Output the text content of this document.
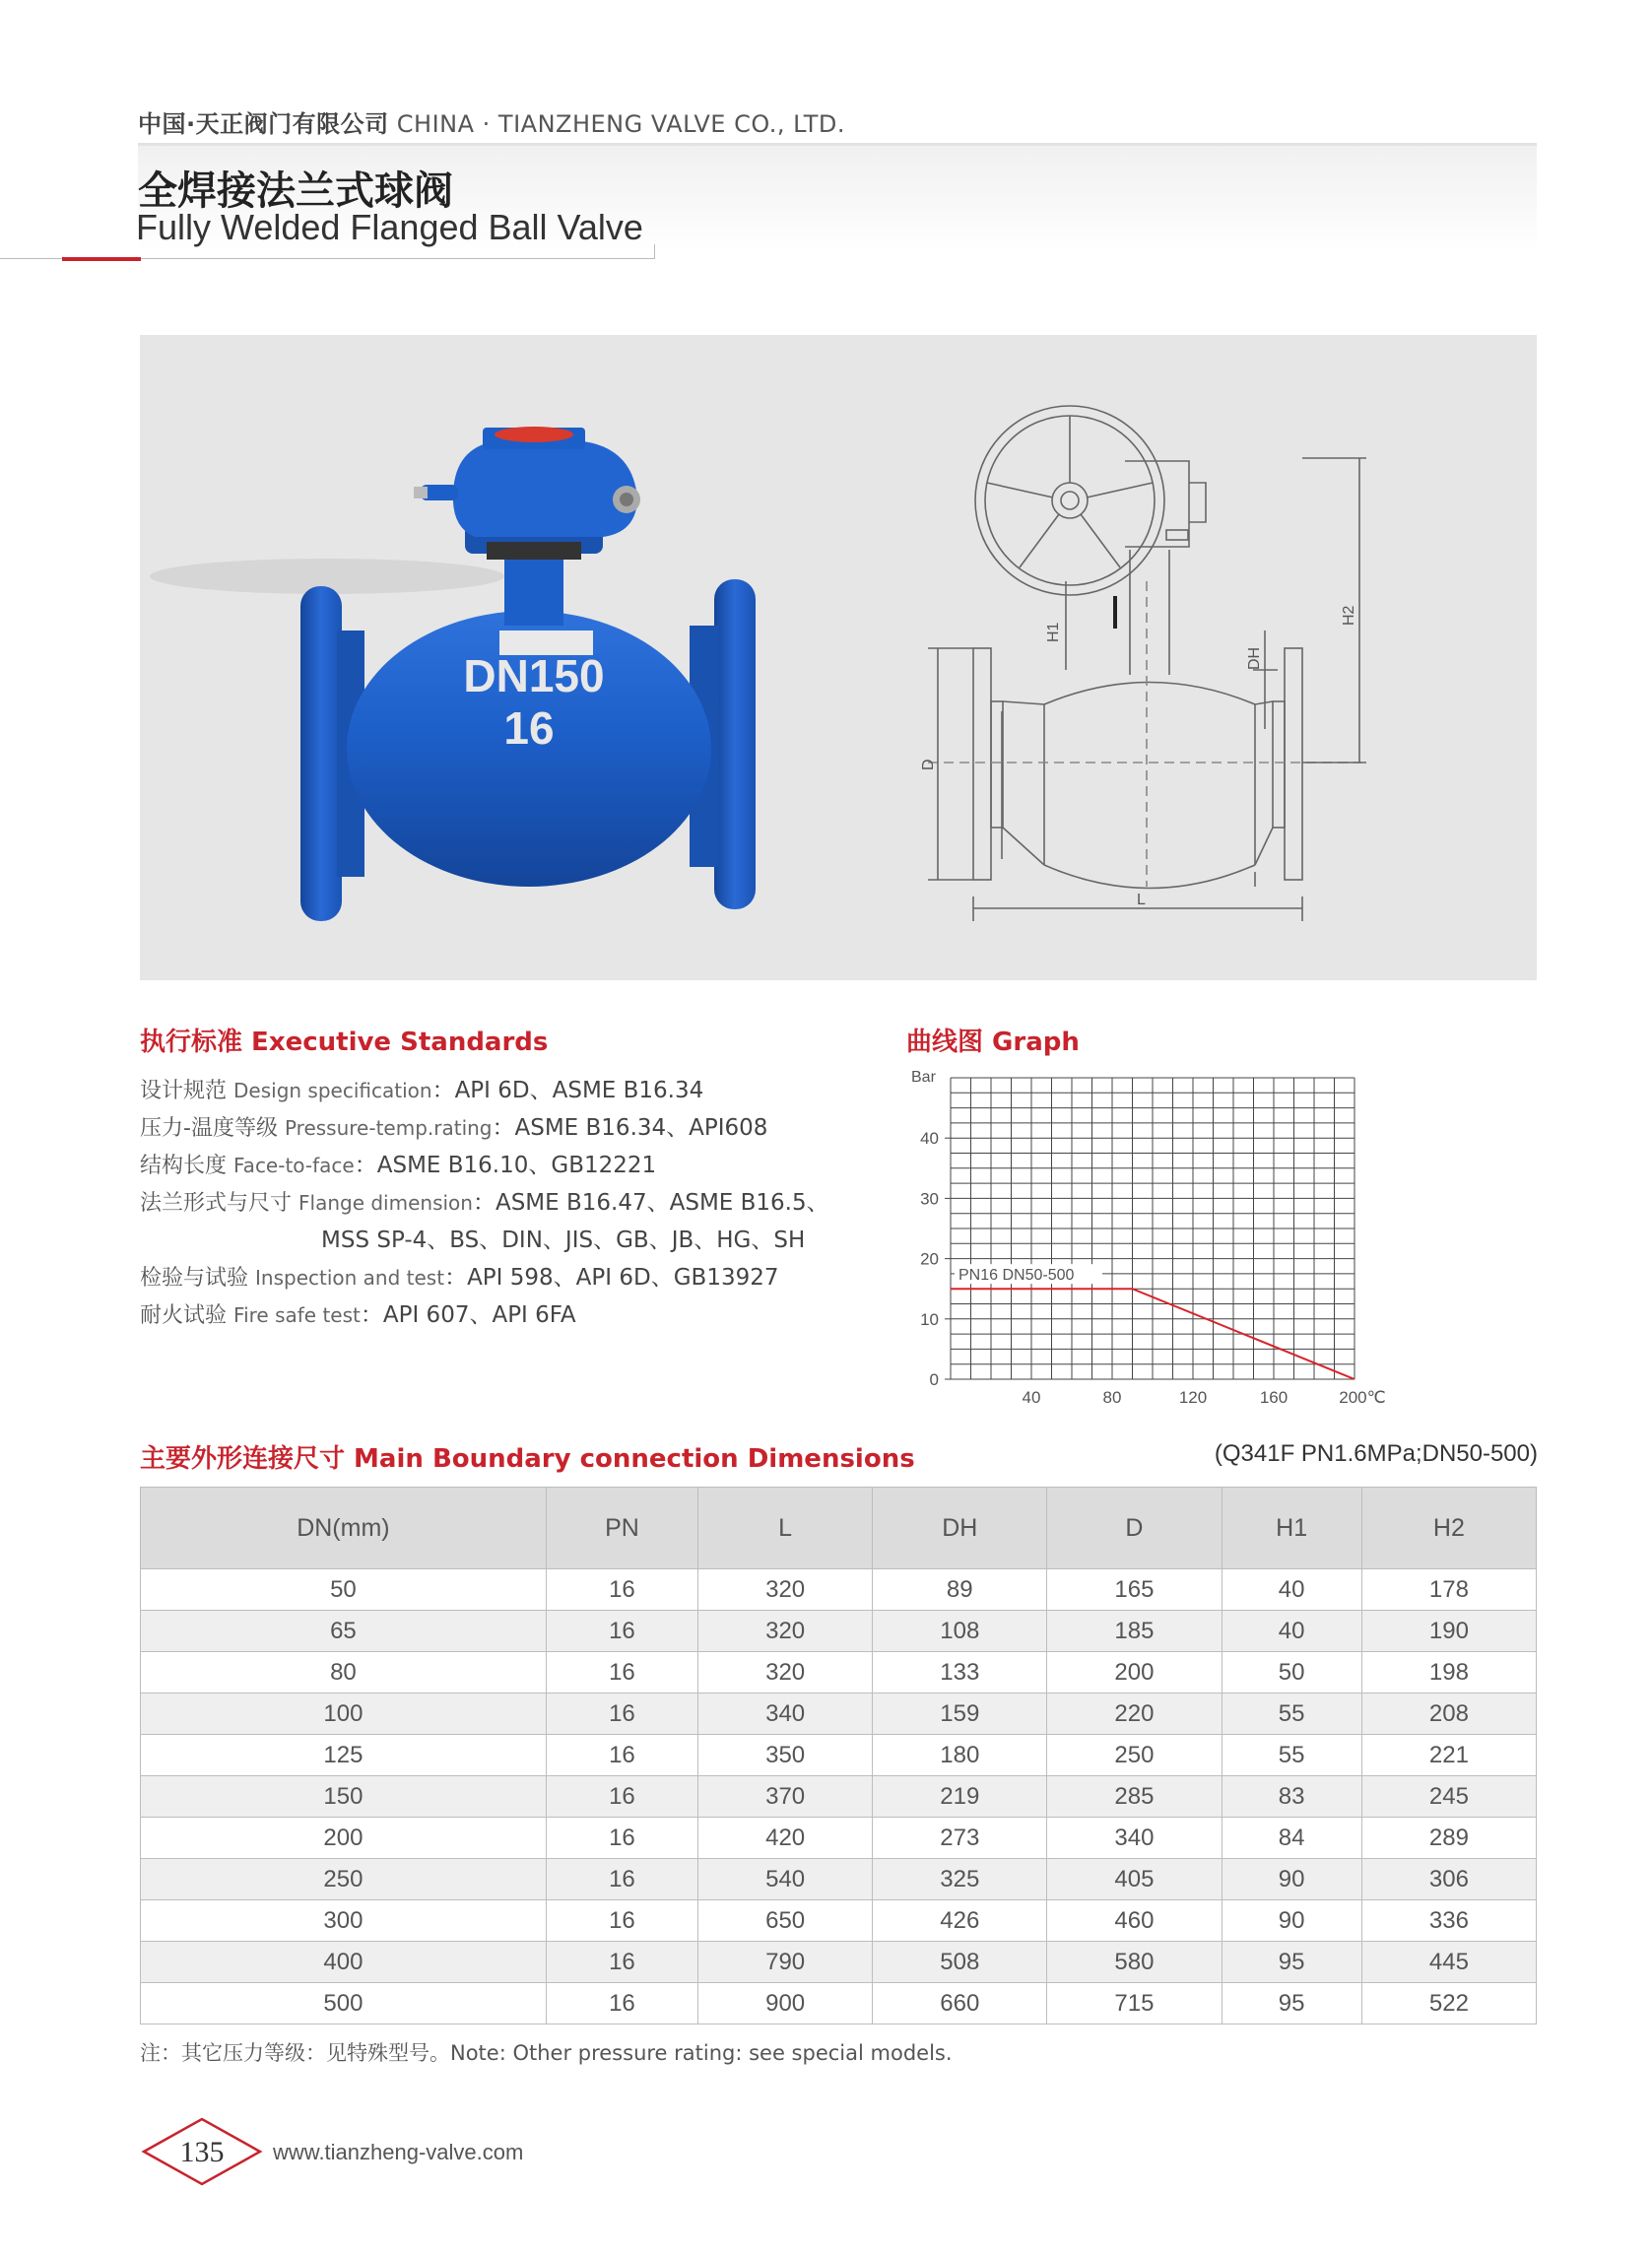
中国·天正阀门有限公司 CHINA · TIANZHENG VALVE CO., LTD.
全焊接法兰式球阀
Fully Welded Flanged Ball Valve
DN150
16
H1
H2
DH
D
L
执行标准 Executive Standards
设计规范 Design specification：API 6D、ASME B16.34
压力-温度等级 Pressure-temp.rating：ASME B16.34、API608
结构长度 Face-to-face：ASME B16.10、GB12221
法兰形式与尺寸 Flange dimension：ASME B16.47、ASME B16.5、
MSS SP-4、BS、DIN、JIS、GB、JB、HG、SH
检验与试验 Inspection and test：API 598、API 6D、GB13927
耐火试验 Fire safe test：API 607、API 6FA
曲线图 Graph
Bar
0
10
20
30
40
40	80	120	160	200℃
PN16 DN50-500
主要外形连接尺寸 Main Boundary connection Dimensions	(Q341F PN1.6MPa;DN50-500)
DN(mm)	PN	L	DH	D	H1	H2
50	16	320	89	165	40	178
65	16	320	108	185	40	190
80	16	320	133	200	50	198
100	16	340	159	220	55	208
125	16	350	180	250	55	221
150	16	370	219	285	83	245
200	16	420	273	340	84	289
250	16	540	325	405	90	306
300	16	650	426	460	90	336
400	16	790	508	580	95	445
500	16	900	660	715	95	522
注：其它压力等级：见特殊型号。Note: Other pressure rating: see special models.
135 www.tianzheng-valve.com
